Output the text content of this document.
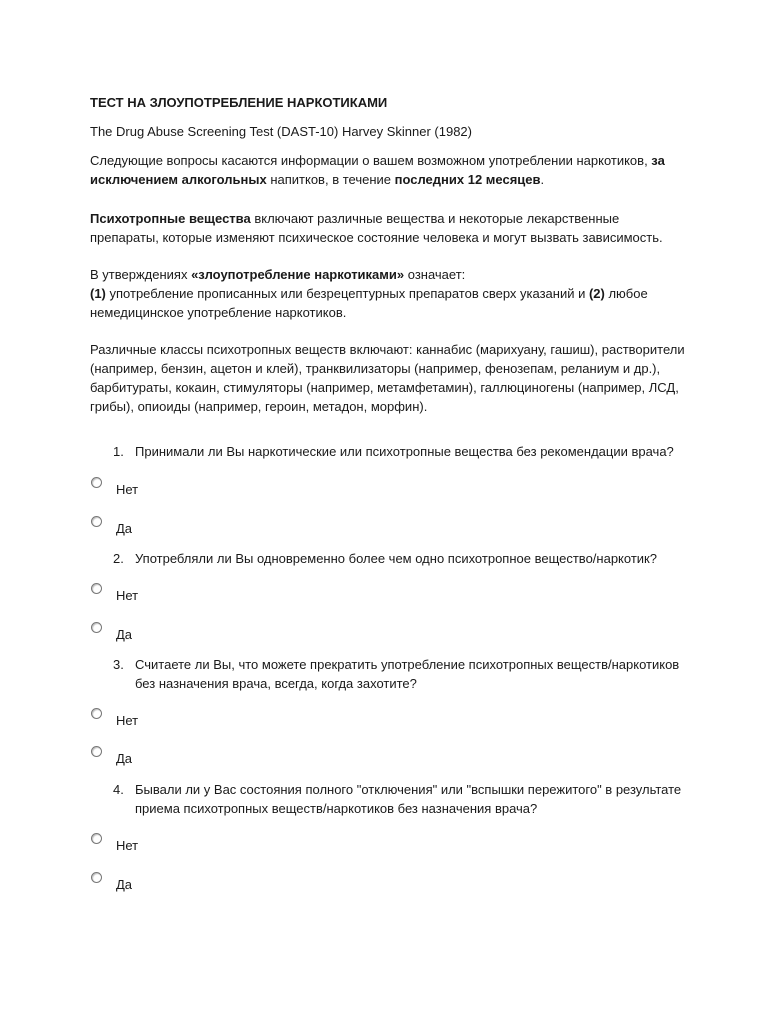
ТЕСТ НА ЗЛОУПОТРЕБЛЕНИЕ НАРКОТИКАМИ

The Drug Abuse Screening Test (DAST-10) Harvey Skinner (1982)

Следующие вопросы касаются информации о вашем возможном употреблении наркотиков, за исключением алкогольных напитков, в течение последних 12 месяцев.

Психотропные вещества включают различные вещества и некоторые лекарственные препараты, которые изменяют психическое состояние человека и могут вызвать зависимость.

В утверждениях «злоупотребление наркотиками» означает:
(1) употребление прописанных или безрецептурных препаратов сверх указаний и (2) любое немедицинское употребление наркотиков.

Различные классы психотропных веществ включают: каннабис (марихуану, гашиш), растворители (например, бензин, ацетон и клей), транквилизаторы (например, фенозепам, реланиум и др.), барбитураты, кокаин, стимуляторы (например, метамфетамин), галлюциногены (например, ЛСД, грибы), опиоиды (например, героин, метадон, морфин).

1. Принимали ли Вы наркотические или психотропные вещества без рекомендации врача?
Нет
Да
2. Употребляли ли Вы одновременно более чем одно психотропное вещество/наркотик?
Нет
Да
3. Считаете ли Вы, что можете прекратить употребление психотропных веществ/наркотиков без назначения врача, всегда, когда захотите?
Нет
Да
4. Бывали ли у Вас состояния полного "отключения" или "вспышки пережитого" в результате приема психотропных веществ/наркотиков без назначения врача?
Нет
Да
